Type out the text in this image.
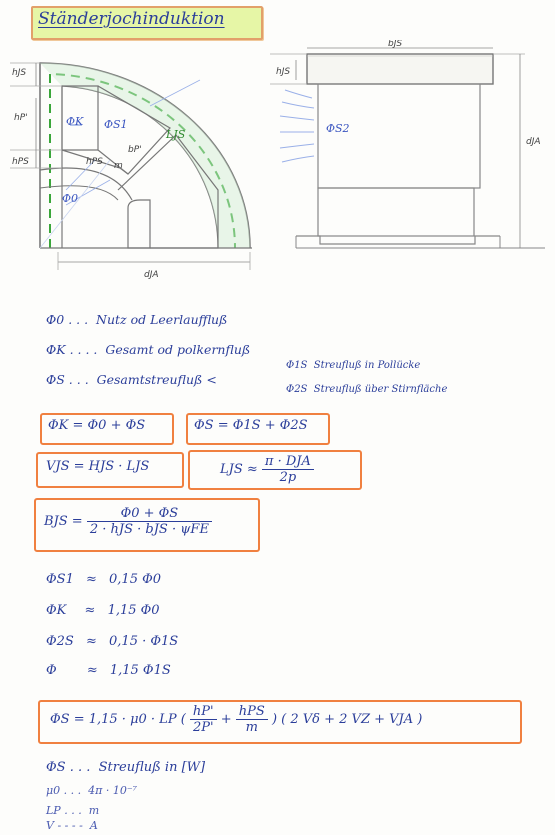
Ständerjochinduktion
hJS
hP'
hPS
ΦK ΦS1
LJS
bP'
hPS m
Φ0
dJA
bJS
hJS
ΦS2
dJA
Φ0 . . . Nutz od Leerlauffluß
ΦK . . . . Gesamt od polkernfluß
ΦS . . . Gesamtstreufluß <
Φ1S Streufluß in Pollücke
Φ2S Streufluß über Stirnfläche
ΦK = Φ0 + ΦS	ΦS = Φ1S + Φ2S
VJS = HJS · LJS	LJS ≈ $\frac{\text{π · DJA}}{2p}$
BJS = $\frac{\Phi 0 + \Phi S}{\text{2 · hJS · bJS · ψFE}}$
ΦS1 ≈ 0,15 Φ0
ΦK ≈ 1,15 Φ0
Φ2S ≈ 0,15 · Φ1S
Φ ≈ 1,15 Φ1S
ΦS = 1,15 · μ0 · LP ( $\frac{hP'}{2P'} + \frac{\text{hPS}}{m}$ ) ( 2 Vδ + 2 VZ + VJA )
ΦS . . . Streufluß in [W]
μ0 . . . 4π · 10⁻⁷
LP . . . m
V - - - - A
